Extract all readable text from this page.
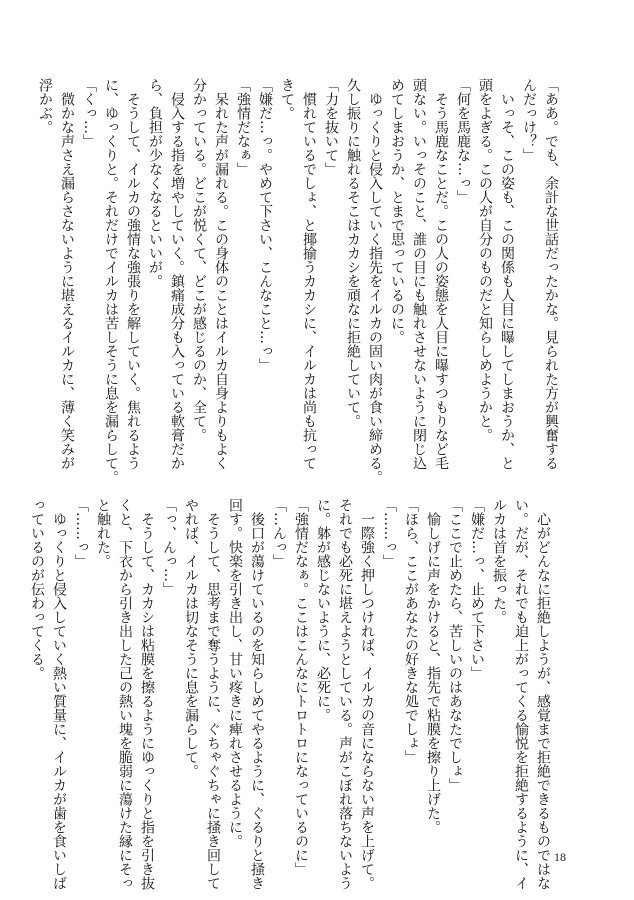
「ああ。でも、余計な世話だったかな。見られた方が興奮する
んだっけ？」
　いっそ、この姿も、この関係も人目に曝してしまおうか、と
頭をよぎる。この人が自分のものだと知らしめようかと。
「何を馬鹿な…っ」
　そう馬鹿なことだ。この人の姿態を人目に曝すつもりなど毛
頭ない。いっそのこと、誰の目にも触れさせないように閉じ込
めてしまおうか、とまで思っているのに。
　ゆっくりと侵入していく指先をイルカの固い肉が食い締める。
久し振りに触れるそこはカカシを頑なに拒絶していて。
「力を抜いて」
　慣れているでしょ、と揶揄うカカシに、イルカは尚も抗って
きて。
「嫌だ…っ。やめて下さい、こんなこと…っ」
「強情だなぁ」
　呆れた声が漏れる。この身体のことはイルカ自身よりもよく
分かっている。どこが悦くて、どこが感じるのか、全て。
　侵入する指を増やしていく。鎮痛成分も入っている軟膏だか
ら、負担が少なくなるといいが。
　そうして、イルカの強情な強張りを解していく。焦れるよう
に、ゆっくりと。それだけでイルカは苦しそうに息を漏らして。
「くっ…」
　微かな声さえ漏らさないように堪えるイルカに、薄く笑みが
浮かぶ。
　心がどんなに拒絶しようが、感覚まで拒絶できるものではな
い。だが、それでも迫上がってくる愉悦を拒絶するように、イ
ルカは首を振った。
「嫌だ…っ、止めて下さい」
「ここで止めたら、苦しいのはあなたでしょ」
　愉しげに声をかけると、指先で粘膜を擦り上げた。
「ほら、ここがあなたの好きな処でしょ」
「……っ」
　一際強く押しつければ、イルカの音にならない声を上げて。
それでも必死に堪えようとしている。声がこぼれ落ちないよう
に。躰が感じないように、必死に。
「強情だなぁ。ここはこんなにトロトロになっているのに」
「…んっ」
　後口が蕩けているのを知らしめてやるように、ぐるりと掻き
回す。快楽を引き出し、甘い疼きに痺れさせるように。
　そうして、思考まで奪うように、ぐちゃぐちゃに掻き回して
やれば、イルカは切なそうに息を漏らして。
「っ、んっ…」
　そうして、カカシは粘膜を擦るようにゆっくりと指を引き抜
くと、下衣から引き出した己の熱い塊を脆弱に蕩けた縁にそっ
と触れた。
「……っ」
　ゆっくりと侵入していく熱い質量に、イルカが歯を食いしば
っているのが伝わってくる。
18
